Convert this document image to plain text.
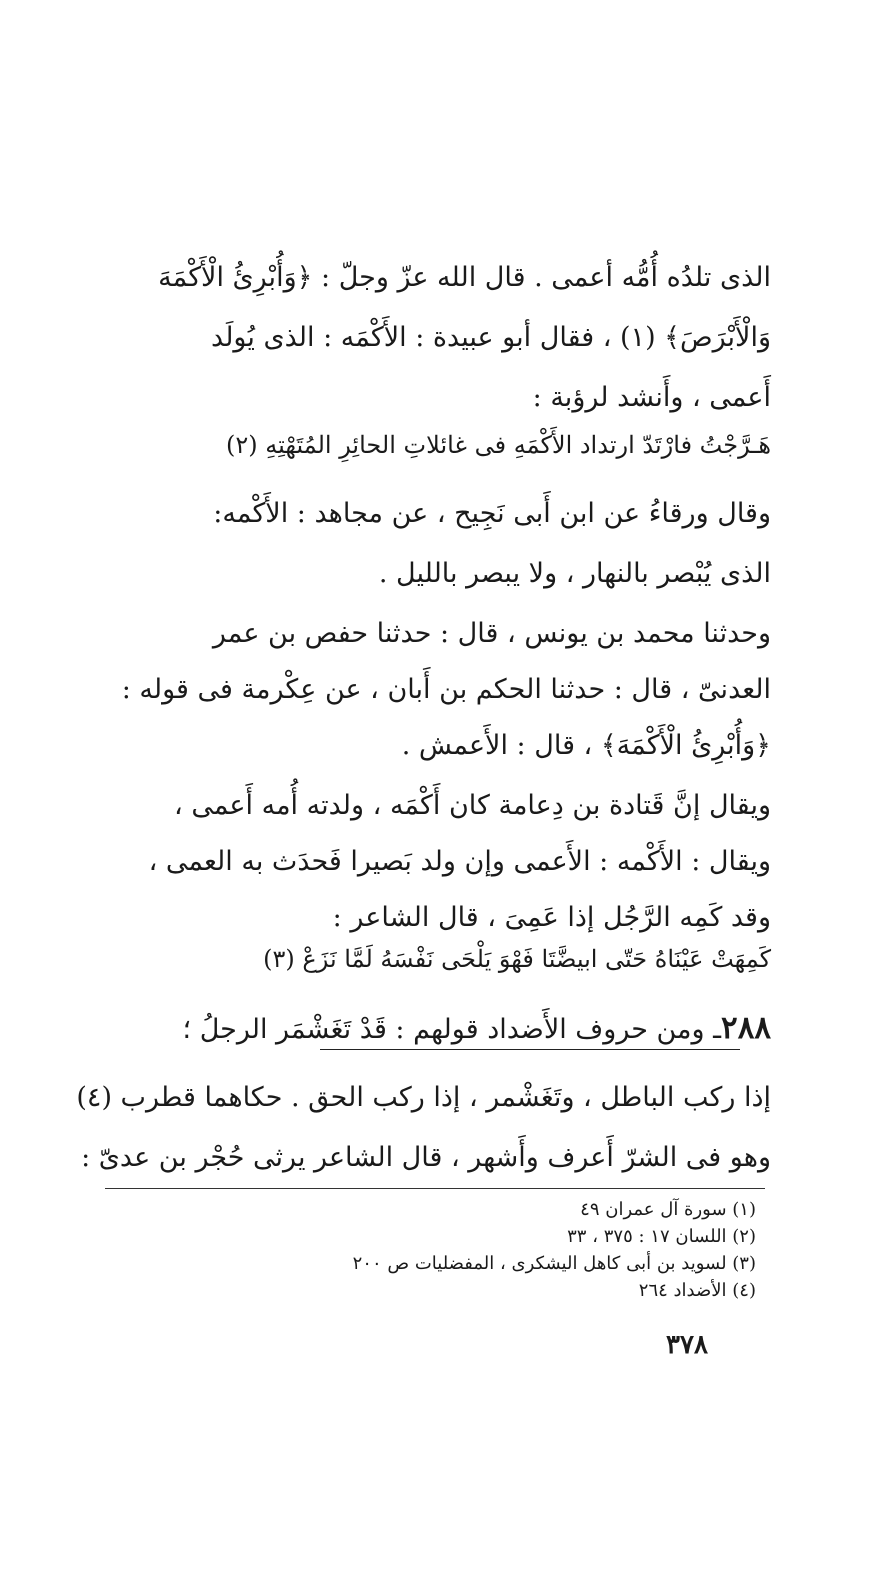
الذى تلدُه أُمُّه أعمى . قال الله عزّ وجلّ : ﴿وَأُبْرِئُ الْأَكْمَهَ
وَالْأَبْرَصَ﴾ (١) ، فقال أبو عبيدة : الأَكْمَه : الذى يُولَد
أَعمى ، وأَنشد لرؤبة :
هَـرَّجْتُ فارْتَدّ ارتداد الأَكْمَهِ فى غائلاتِ الحائِرِ المُتَهْتِهِ (٢)
وقال ورقاءُ عن ابن أَبى نَجِيح ، عن مجاهد : الأَكْمه:
الذى يُبْصر بالنهار ، ولا يبصر بالليل .
وحدثنا محمد بن يونس ، قال : حدثنا حفص بن عمر
العدنىّ ، قال : حدثنا الحكم بن أَبان ، عن عِكْرمة فى قوله :
﴿وَأُبْرِئُ الْأَكْمَهَ﴾ ، قال : الأَعمش .
ويقال إنَّ قَتادة بن دِعامة كان أَكْمَه ، ولدته أُمه أَعمى ،
ويقال : الأَكْمه : الأَعمى وإن ولد بَصيرا فَحدَث به العمى ،
وقد كَمِه الرَّجُل إذا عَمِىَ ، قال الشاعر :
كَمِهَتْ عَيْنَاهُ حَتّى ابيضَّتَا فَهْوَ يَلْحَى نَفْسَهُ لَمَّا نَزَعْ (٣)
٢٨٨ـ ومن حروف الأَضداد قولهم : قَدْ تَغَشْمَر الرجلُ ؛
إذا ركب الباطل ، وتَغَشْمر ، إذا ركب الحق . حكاهما قطرب (٤)
وهو فى الشرّ أَعرف وأَشهر ، قال الشاعر يرثى حُجْر بن عدىّ :
(١) سورة آل عمران ٤٩
(٢) اللسان ١٧ : ٣٧٥ ، ٣٣
(٣) لسويد بن أبى كاهل اليشكرى ، المفضليات ص ٢٠٠
(٤) الأضداد ٢٦٤
٣٧٨
